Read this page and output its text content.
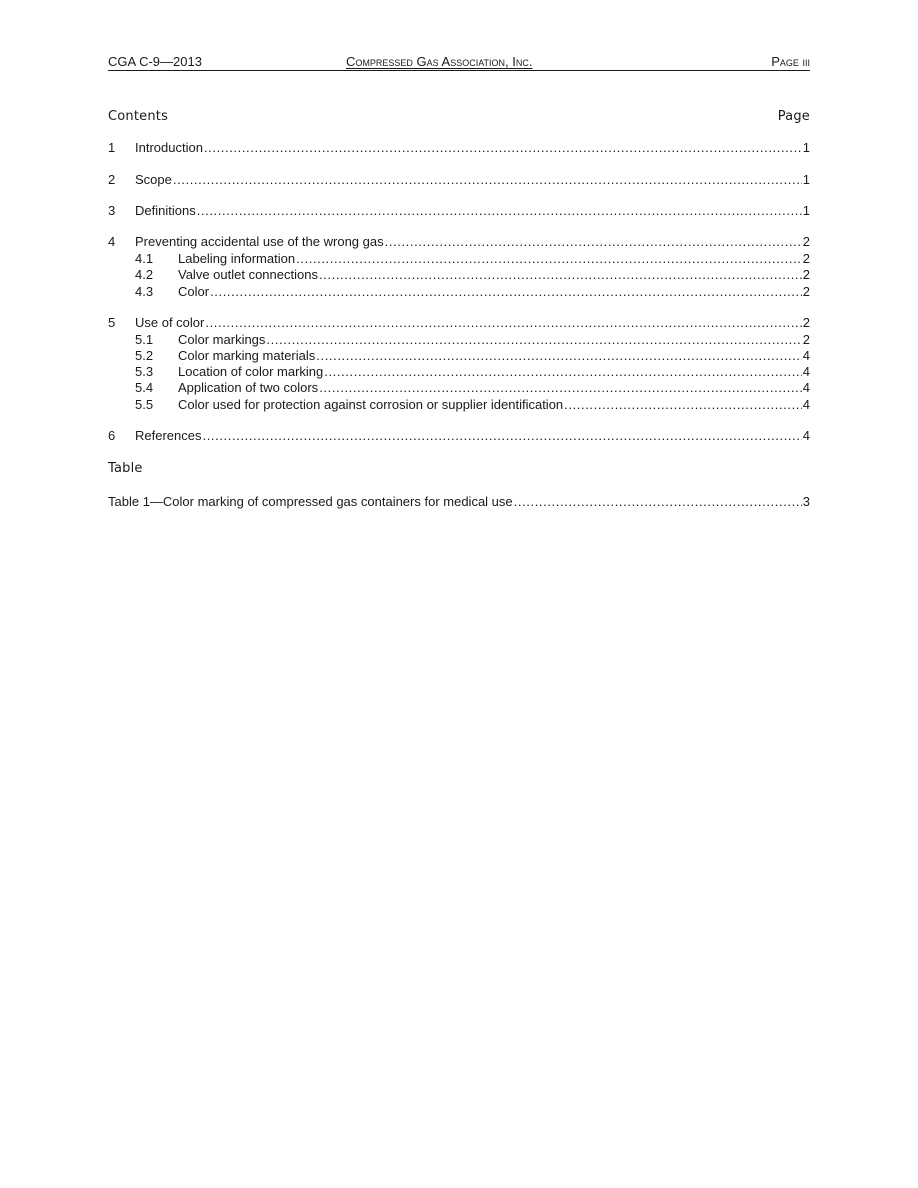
CGA C-9—2013	Compressed Gas Association, Inc.	Page iii
Contents	Page
1	Introduction .....	1
2	Scope .....	1
3	Definitions .....	1
4	Preventing accidental use of the wrong gas .....	2
4.1	Labeling information .....	2
4.2	Valve outlet connections .....	2
4.3	Color .....	2
5	Use of color .....	2
5.1	Color markings .....	2
5.2	Color marking materials .....	4
5.3	Location of color marking .....	4
5.4	Application of two colors .....	4
5.5	Color used for protection against corrosion or supplier identification .....	4
6	References .....	4
Table
Table 1—Color marking of compressed gas containers for medical use .....	3
